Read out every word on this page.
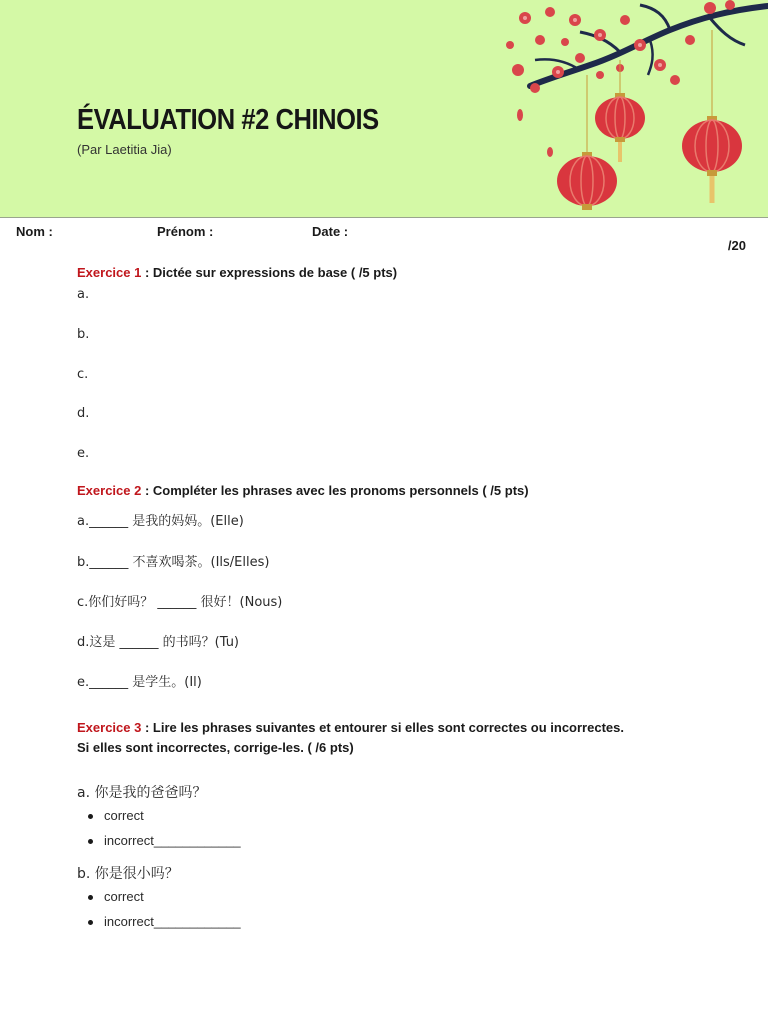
ÉVALUATION #2 CHINOIS
(Par Laetitia Jia)
Nom :	Prénom :	Date :
/20
Exercice 1 : Dictée sur expressions de base ( /5 pts)
a.
b.
c.
d.
e.
Exercice 2 : Compléter les phrases avec les pronoms personnels ( /5 pts)
a.______ 是我的妈妈。(Elle)
b.______ 不喜欢喝茶。(Ils/Elles)
c.你们好吗？ ______ 很好！(Nous)
d.这是 ______ 的书吗？(Tu)
e.______ 是学生。(Il)
Exercice 3 : Lire les phrases suivantes et entourer si elles sont correctes ou incorrectes. Si elles sont incorrectes, corrige-les. ( /6 pts)
a. 你是我的爸爸吗？
correct
incorrect____________
b. 你是很小吗？
correct
incorrect____________
